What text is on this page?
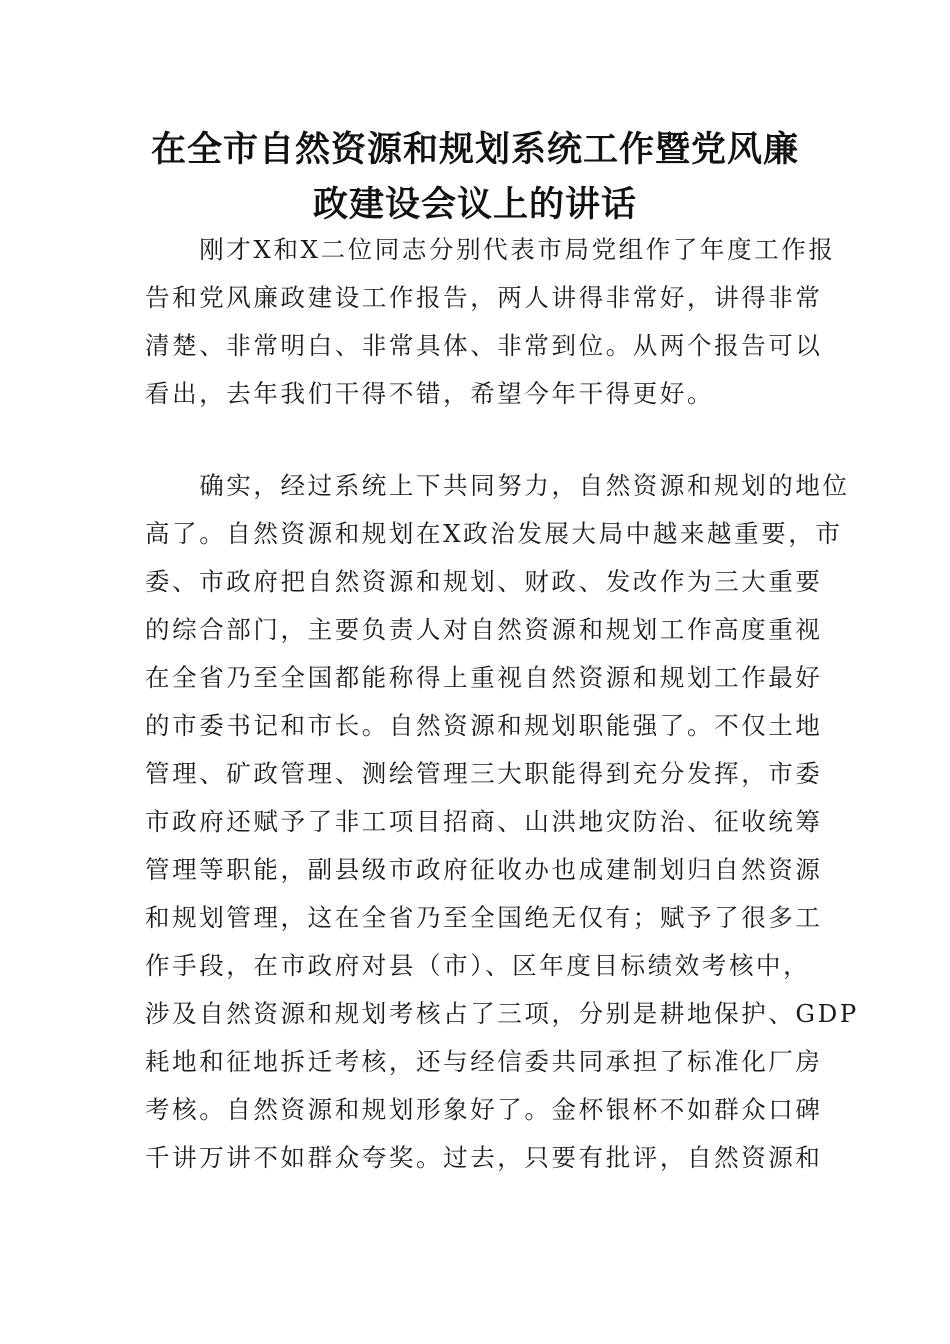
在全市自然资源和规划系统工作暨党风廉
政建设会议上的讲话
　　刚才X和X二位同志分别代表市局党组作了年度工作报
告和党风廉政建设工作报告，两人讲得非常好，讲得非常
清楚、非常明白、非常具体、非常到位。从两个报告可以
看出，去年我们干得不错，希望今年干得更好。
　　确实，经过系统上下共同努力，自然资源和规划的地位
高了。自然资源和规划在X政治发展大局中越来越重要，市
委、市政府把自然资源和规划、财政、发改作为三大重要
的综合部门，主要负责人对自然资源和规划工作高度重视
在全省乃至全国都能称得上重视自然资源和规划工作最好
的市委书记和市长。自然资源和规划职能强了。不仅土地
管理、矿政管理、测绘管理三大职能得到充分发挥，市委
市政府还赋予了非工项目招商、山洪地灾防治、征收统筹
管理等职能，副县级市政府征收办也成建制划归自然资源
和规划管理，这在全省乃至全国绝无仅有；赋予了很多工
作手段，在市政府对县（市）、区年度目标绩效考核中，
涉及自然资源和规划考核占了三项，分别是耕地保护、GDP
耗地和征地拆迁考核，还与经信委共同承担了标准化厂房
考核。自然资源和规划形象好了。金杯银杯不如群众口碑
千讲万讲不如群众夸奖。过去，只要有批评，自然资源和
